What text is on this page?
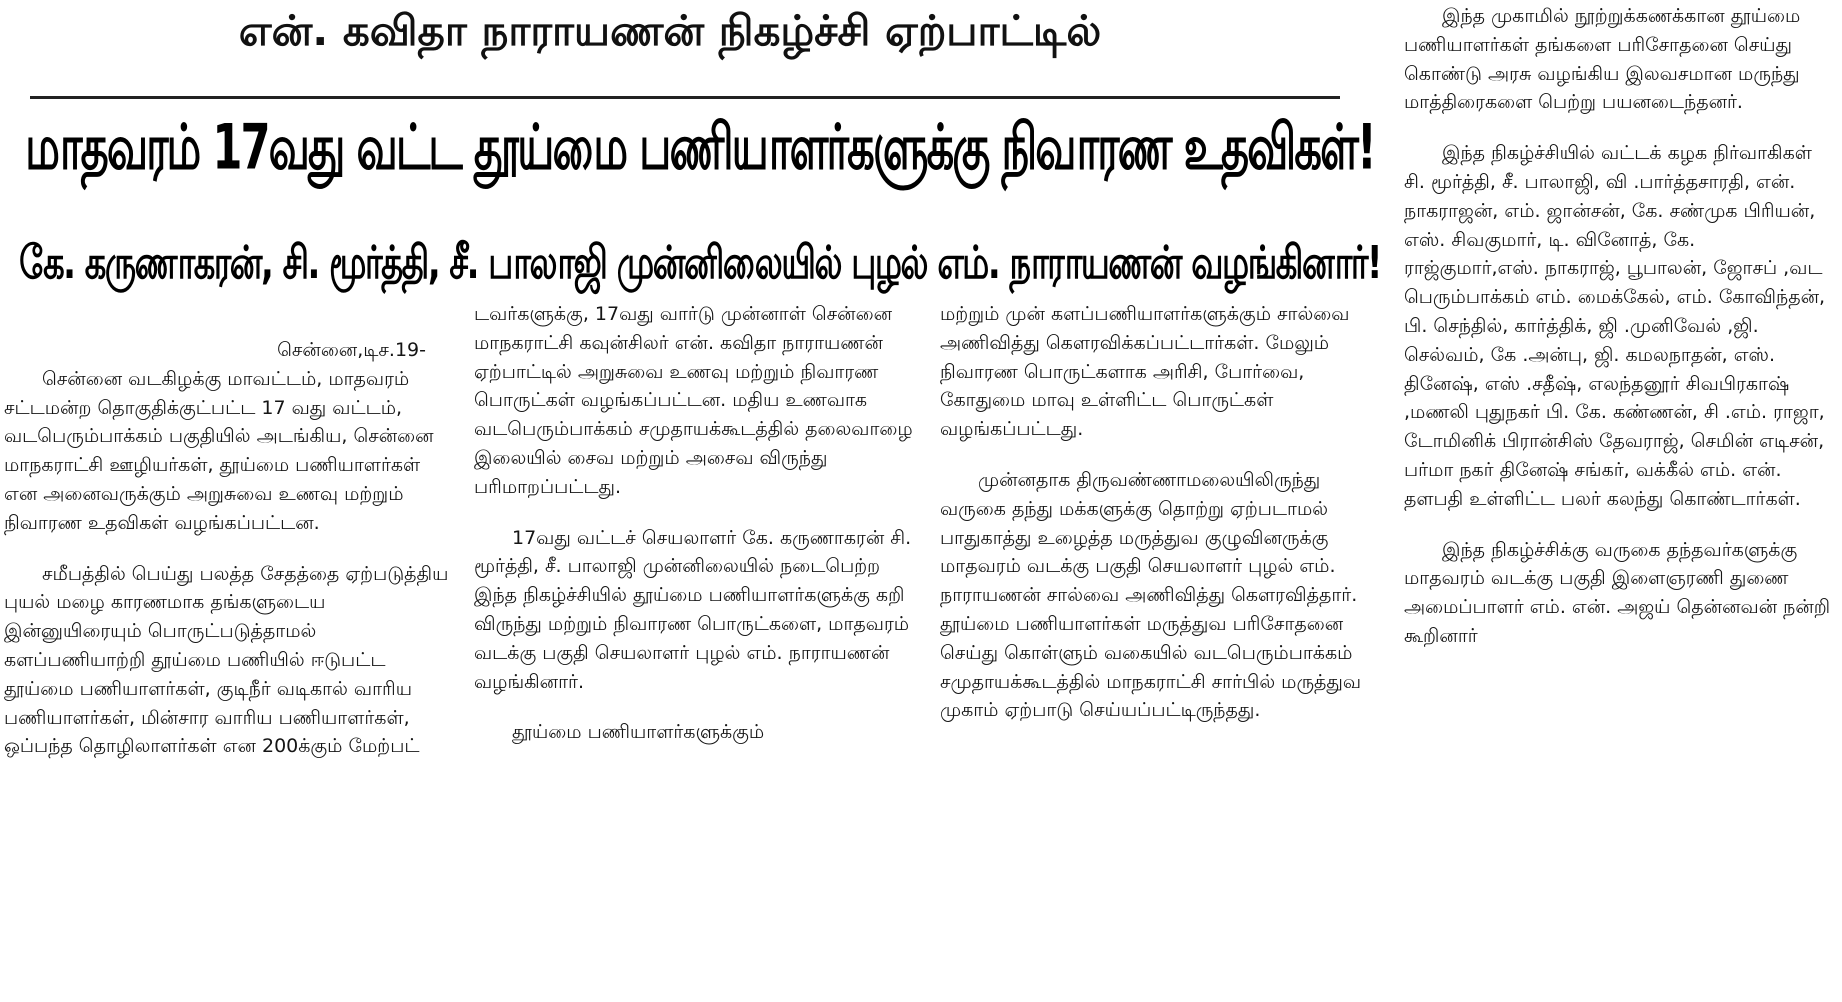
என். கவிதா நாராயணன் நிகழ்ச்சி ஏற்பாட்டில்
மாதவரம் 17வது வட்ட தூய்மை பணியாளர்களுக்கு நிவாரண உதவிகள்!
கே. கருணாகரன், சி. மூர்த்தி, சீ. பாலாஜி முன்னிலையில் புழல் எம். நாராயணன் வழங்கினார்!

சென்னை,டிச.19-

சென்னை வடகிழக்கு மாவட்டம், மாதவரம் சட்டமன்ற தொகுதிக்குட்பட்ட 17 வது வட்டம், வடபெரும்பாக்கம் பகுதியில் அடங்கிய, சென்னை மாநகராட்சி ஊழியர்கள், தூய்மை பணியாளர்கள் என அனைவருக்கும் அறுசுவை உணவு மற்றும் நிவாரண உதவிகள் வழங்கப்பட்டன.

சமீபத்தில் பெய்து பலத்த சேதத்தை ஏற்படுத்திய புயல் மழை காரணமாக தங்களுடைய இன்னுயிரையும் பொருட்படுத்தாமல் களப்பணியாற்றி தூய்மை பணியில் ஈடுபட்ட தூய்மை பணியாளர்கள், குடிநீர் வடிகால் வாரிய பணியாளர்கள், மின்சார வாரிய பணியாளர்கள், ஒப்பந்த தொழிலாளர்கள் என 200க்கும் மேற்பட்

டவர்களுக்கு, 17வது வார்டு முன்னாள் சென்னை மாநகராட்சி கவுன்சிலர் என். கவிதா நாராயணன் ஏற்பாட்டில் அறுசுவை உணவு மற்றும் நிவாரண பொருட்கள் வழங்கப்பட்டன. மதிய உணவாக வடபெரும்பாக்கம் சமுதாயக்கூடத்தில் தலைவாழை இலையில் சைவ மற்றும் அசைவ விருந்து பரிமாறப்பட்டது.

17வது வட்டச் செயலாளர் கே. கருணாகரன் சி. மூர்த்தி, சீ. பாலாஜி முன்னிலையில் நடைபெற்ற இந்த நிகழ்ச்சியில் தூய்மை பணியாளர்களுக்கு கறி விருந்து மற்றும் நிவாரண பொருட்களை, மாதவரம் வடக்கு பகுதி செயலாளர் புழல் எம். நாராயணன் வழங்கினார்.

தூய்மை பணியாளர்களுக்கும்

மற்றும் முன் களப்பணியாளர்களுக்கும் சால்வை அணிவித்து கௌரவிக்கப்பட்டார்கள். மேலும் நிவாரண பொருட்களாக அரிசி, போர்வை, கோதுமை மாவு உள்ளிட்ட பொருட்கள் வழங்கப்பட்டது.

முன்னதாக திருவண்ணாமலையிலிருந்து வருகை தந்து மக்களுக்கு தொற்று ஏற்படாமல் பாதுகாத்து உழைத்த மருத்துவ குழுவினருக்கு மாதவரம் வடக்கு பகுதி செயலாளர் புழல் எம். நாராயணன் சால்வை அணிவித்து கௌரவித்தார். தூய்மை பணியாளர்கள் மருத்துவ பரிசோதனை செய்து கொள்ளும் வகையில் வடபெரும்பாக்கம் சமுதாயக்கூடத்தில் மாநகராட்சி சார்பில் மருத்துவ முகாம் ஏற்பாடு செய்யப்பட்டிருந்தது.

இந்த முகாமில் நூற்றுக்கணக்கான தூய்மை பணியாளர்கள் தங்களை பரிசோதனை செய்து கொண்டு அரசு வழங்கிய இலவசமான மருந்து மாத்திரைகளை பெற்று பயனடைந்தனர்.

இந்த நிகழ்ச்சியில் வட்டக் கழக நிர்வாகிகள் சி. மூர்த்தி, சீ. பாலாஜி, வி .பார்த்தசாரதி, என். நாகராஜன், எம். ஜான்சன், கே. சண்முக பிரியன், எஸ். சிவகுமார், டி. வினோத், கே. ராஜ்குமார்,எஸ். நாகராஜ், பூபாலன், ஜோசப் ,வட பெரும்பாக்கம் எம். மைக்கேல், எம். கோவிந்தன், பி. செந்தில், கார்த்திக், ஜி .முனிவேல் ,ஜி. செல்வம், கே .அன்பு, ஜி. கமலநாதன், எஸ். தினேஷ், எஸ் .சதீஷ், எலந்தனூர் சிவபிரகாஷ் ,மணலி புதுநகர் பி. கே. கண்ணன், சி .எம். ராஜா, டோமினிக் பிரான்சிஸ் தேவராஜ், செமின் எடிசன், பர்மா நகர் தினேஷ் சங்கர், வக்கீல் எம். என். தளபதி உள்ளிட்ட பலர் கலந்து கொண்டார்கள்.

இந்த நிகழ்ச்சிக்கு வருகை தந்தவர்களுக்கு மாதவரம் வடக்கு பகுதி இளைஞரணி துணை அமைப்பாளர் எம். என். அஜய் தென்னவன் நன்றி கூறினார்
